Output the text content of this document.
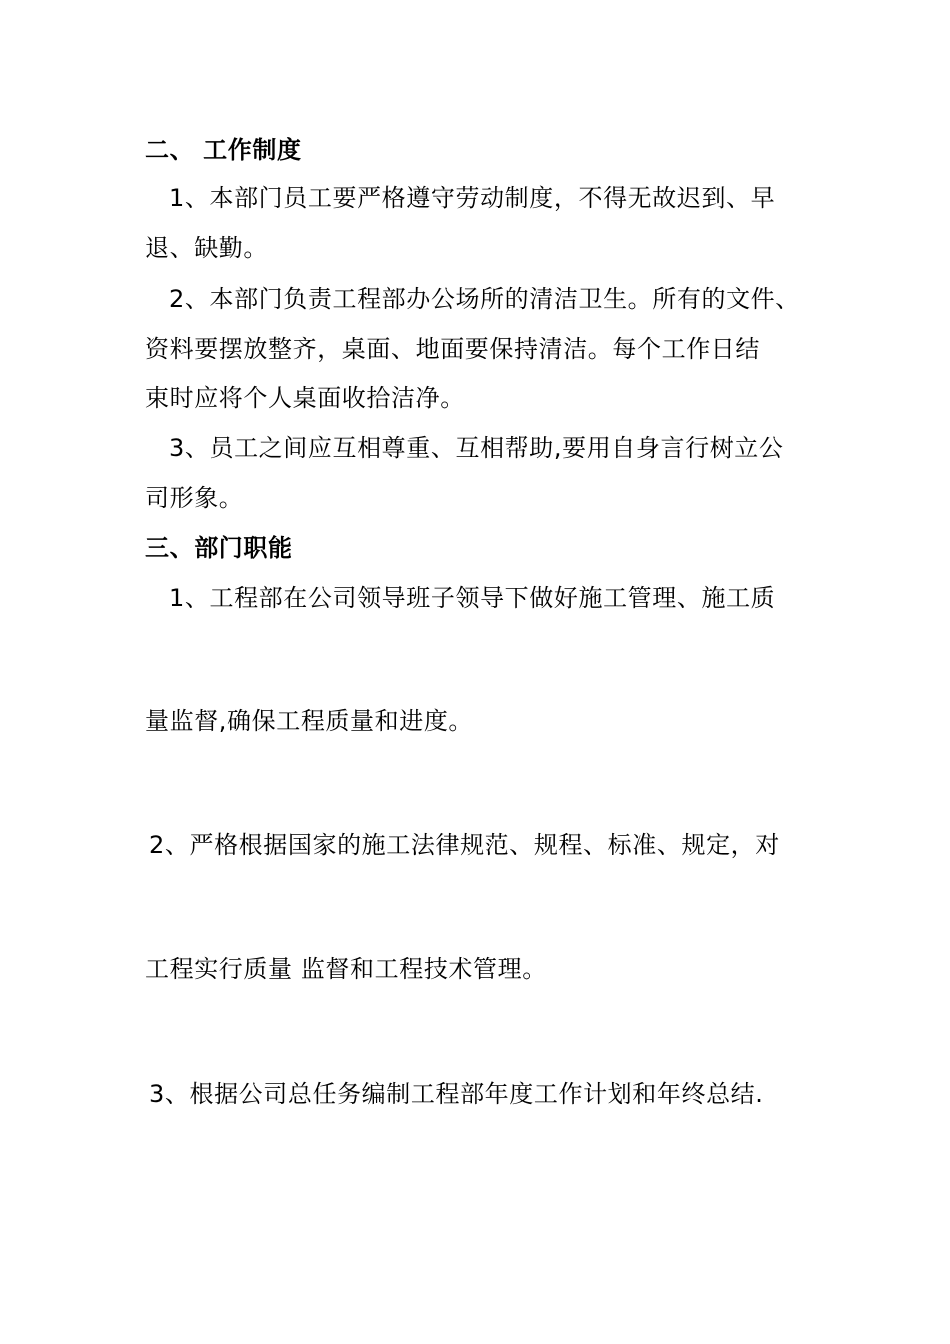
二、 工作制度
1、本部门员工要严格遵守劳动制度，不得无故迟到、早
退、缺勤。
2、本部门负责工程部办公场所的清洁卫生。所有的文件、
资料要摆放整齐，桌面、地面要保持清洁。每个工作日结
束时应将个人桌面收拾洁净。
3、员工之间应互相尊重、互相帮助,要用自身言行树立公
司形象。
三、部门职能
1、工程部在公司领导班子领导下做好施工管理、施工质
量监督,确保工程质量和进度。
2、严格根据国家的施工法律规范、规程、标准、规定，对
工程实行质量 监督和工程技术管理。
3、根据公司总任务编制工程部年度工作计划和年终总结.
